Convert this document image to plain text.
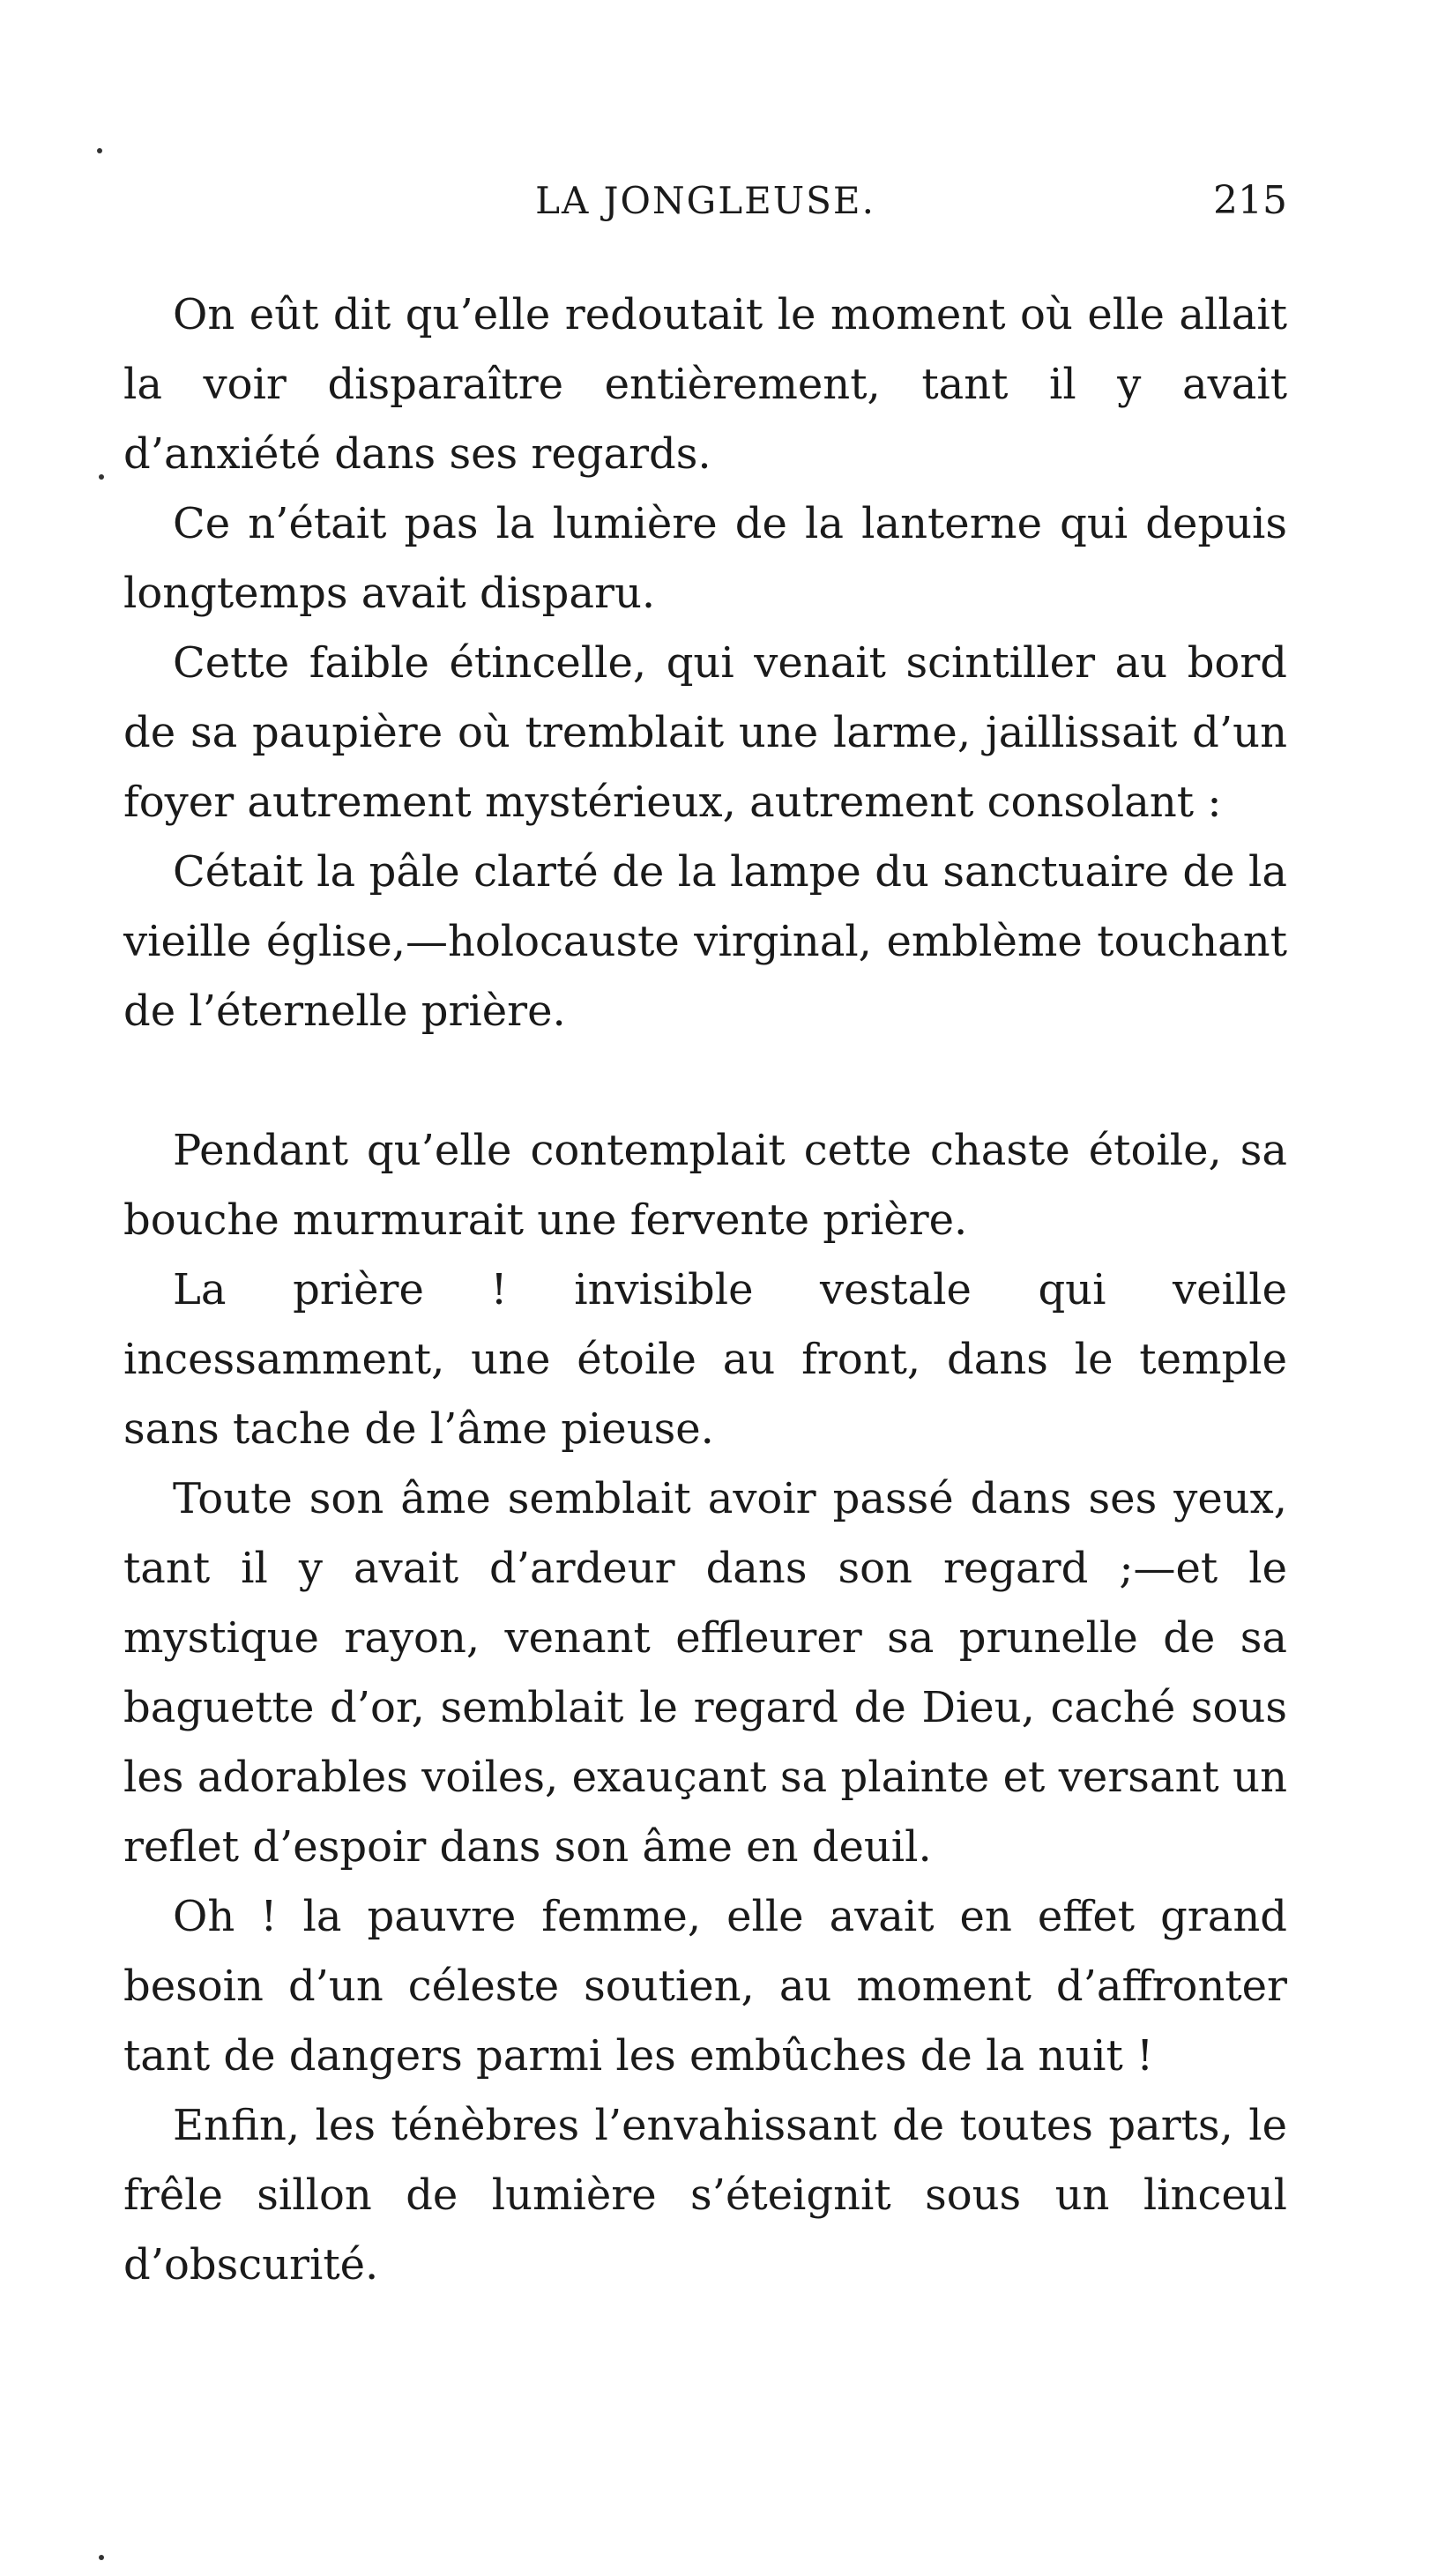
LA JONGLEUSE.	215

On eût dit qu’elle redoutait le moment où elle allait la voir disparaître entièrement, tant il y avait d’anxiété dans ses regards.

Ce n’était pas la lumière de la lanterne qui depuis longtemps avait disparu.

Cette faible étincelle, qui venait scintiller au bord de sa paupière où tremblait une larme, jaillissait d’un foyer autrement mystérieux, autrement consolant :

Cétait la pâle clarté de la lampe du sanctuaire de la vieille église,—holocauste virginal, emblème touchant de l’éternelle prière.

Pendant qu’elle contemplait cette chaste étoile, sa bouche murmurait une fervente prière.

La prière ! invisible vestale qui veille incessamment, une étoile au front, dans le temple sans tache de l’âme pieuse.

Toute son âme semblait avoir passé dans ses yeux, tant il y avait d’ardeur dans son regard ;—et le mystique rayon, venant effleurer sa prunelle de sa baguette d’or, semblait le regard de Dieu, caché sous les adorables voiles, exauçant sa plainte et versant un reflet d’espoir dans son âme en deuil.

Oh ! la pauvre femme, elle avait en effet grand besoin d’un céleste soutien, au moment d’affronter tant de dangers parmi les embûches de la nuit !

Enfin, les ténèbres l’envahissant de toutes parts, le frêle sillon de lumière s’éteignit sous un linceul d’obscurité.
